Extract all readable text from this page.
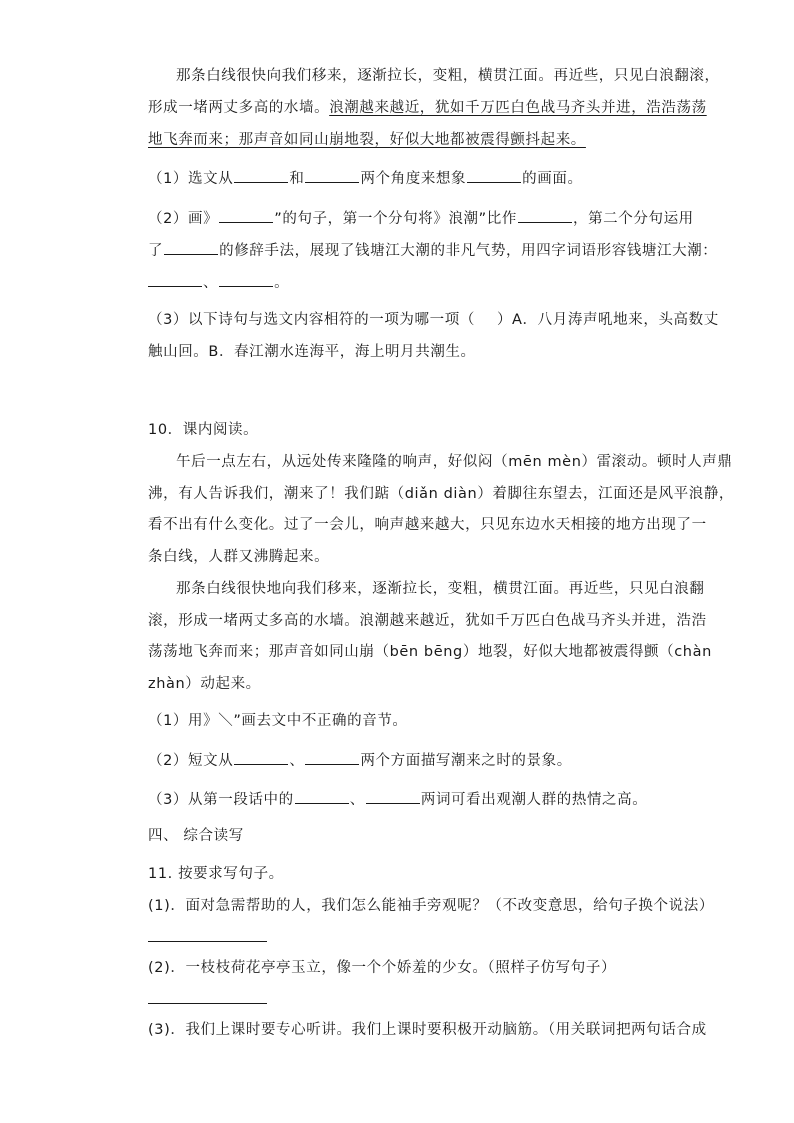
那条白线很快向我们移来，逐渐拉长，变粗，横贯江面。再近些，只见白浪翻滚，
形成一堵两丈多高的水墙。浪潮越来越近，犹如千万匹白色战马齐头并进，浩浩荡荡
地飞奔而来；那声音如同山崩地裂，好似大地都被震得颤抖起来。
（1）选文从	和	两个角度来想象	的画面。
（2）画》	”的句子，第一个分句将》浪潮”比作	，第二个分句运用
了	的修辞手法，展现了钱塘江大潮的非凡气势，用四字词语形容钱塘江大潮：
、	。
（3）以下诗句与选文内容相符的一项为哪一项（ ）A．八月涛声吼地来，头高数丈
触山回。B．春江潮水连海平，海上明月共潮生。
10．课内阅读。
午后一点左右，从远处传来隆隆的响声，好似闷（mēn mèn）雷滚动。顿时人声鼎
沸，有人告诉我们，潮来了！我们踮（diǎn diàn）着脚往东望去，江面还是风平浪静，
看不出有什么变化。过了一会儿，响声越来越大，只见东边水天相接的地方出现了一
条白线，人群又沸腾起来。
那条白线很快地向我们移来，逐渐拉长，变粗，横贯江面。再近些，只见白浪翻
滚，形成一堵两丈多高的水墙。浪潮越来越近，犹如千万匹白色战马齐头并进，浩浩
荡荡地飞奔而来；那声音如同山崩（bēn bēng）地裂，好似大地都被震得颤（chàn
zhàn）动起来。
（1）用》＼”画去文中不正确的音节。
（2）短文从	、	两个方面描写潮来之时的景象。
（3）从第一段话中的	、	两词可看出观潮人群的热情之高。
四、 综合读写
11. 按要求写句子。
(1)．面对急需帮助的人，我们怎么能袖手旁观呢？（不改变意思，给句子换个说法）
(2)．一枝枝荷花亭亭玉立，像一个个娇羞的少女。（照样子仿写句子）
(3)．我们上课时要专心听讲。我们上课时要积极开动脑筋。（用关联词把两句话合成
